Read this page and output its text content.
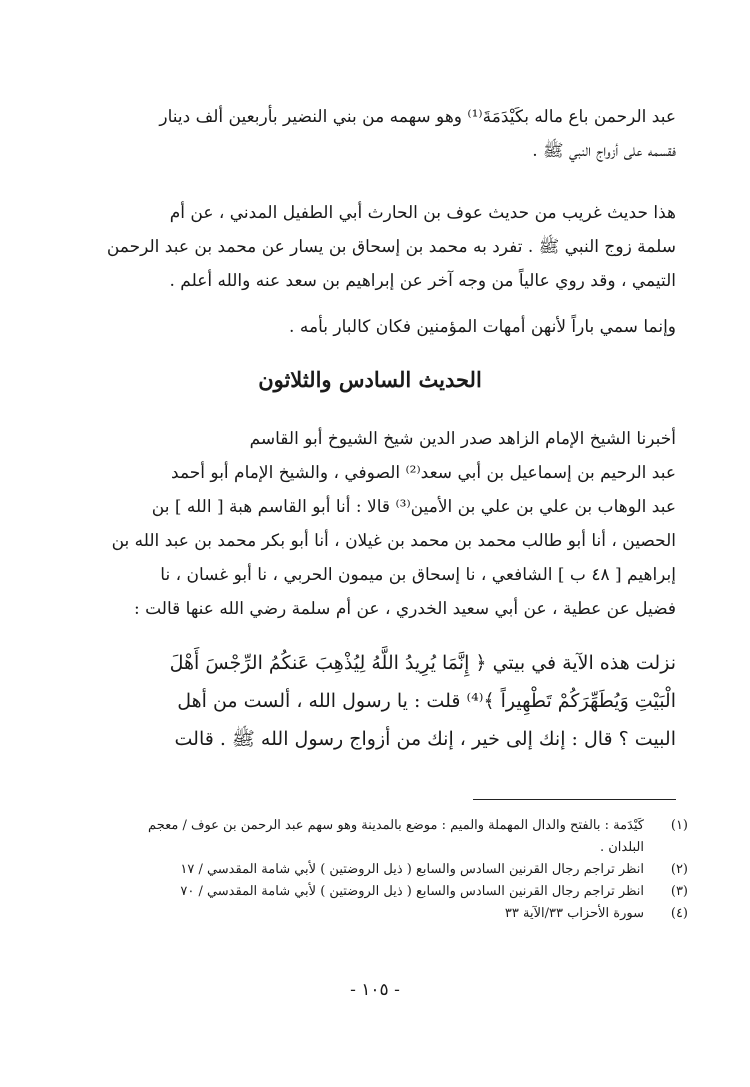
عبد الرحمن باع ماله بكَيْدَمَةَ⁽¹⁾ وهو سهمه من بني النضير بأربعين ألف دينار
فقسمه على أزواج النبي ﷺ .
هذا حديث غريب من حديث عوف بن الحارث أبي الطفيل المدني ، عن أم
سلمة زوج النبي ﷺ . تفرد به محمد بن إسحاق بن يسار عن محمد بن عبد الرحمن
التيمي ، وقد روي عالياً من وجه آخر عن إبراهيم بن سعد عنه والله أعلم .
وإنما سمي باراً لأنهن أمهات المؤمنين فكان كالبار بأمه .
الحديث السادس والثلاثون
أخبرنا الشيخ الإمام الزاهد صدر الدين شيخ الشيوخ أبو القاسم
عبد الرحيم بن إسماعيل بن أبي سعد⁽²⁾ الصوفي ، والشيخ الإمام أبو أحمد
عبد الوهاب بن علي بن علي بن الأمين⁽³⁾ قالا : أنا أبو القاسم هبة [ الله ] بن
الحصين ، أنا أبو طالب محمد بن محمد بن غيلان ، أنا أبو بكر محمد بن عبد الله بن
إبراهيم [ ٤٨ ب ] الشافعي ، نا إسحاق بن ميمون الحربي ، نا أبو غسان ، نا
فضيل عن عطية ، عن أبي سعيد الخدري ، عن أم سلمة رضي الله عنها قالت :
نزلت هذه الآية في بيتي ﴿ إِنَّمَا يُرِيدُ اللَّهُ لِيُذْهِبَ عَنكُمُ الرِّجْسَ أَهْلَ
الْبَيْتِ وَيُطَهِّرَكُمْ تَطْهِيراً ﴾⁽⁴⁾ قلت : يا رسول الله ، ألست من أهل
البيت ؟ قال : إنك إلى خير ، إنك من أزواج رسول الله ﷺ . قالت
(١)
كَيْدَمة : بالفتح والدال المهملة والميم : موضع بالمدينة وهو سهم عبد الرحمن بن عوف / معجم
البلدان .
(٢)
انظر تراجم رجال القرنين السادس والسابع ( ذيل الروضتين ) لأبي شامة المقدسي / ١٧
(٣)
انظر تراجم رجال القرنين السادس والسابع ( ذيل الروضتين ) لأبي شامة المقدسي / ٧٠
(٤)
سورة الأحزاب ٣٣/الآية ٣٣
- ١٠٥ -
